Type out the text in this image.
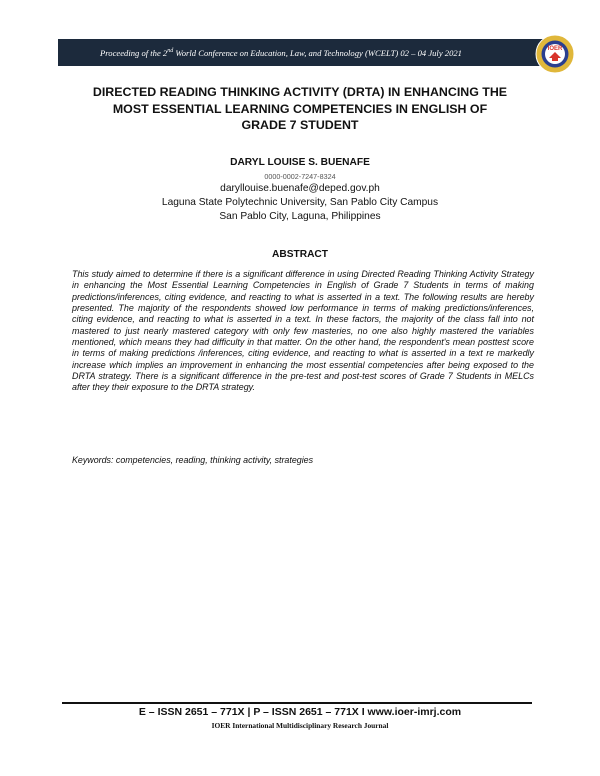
Proceeding of the 2nd World Conference on Education, Law, and Technology (WCELT) 02 – 04 July 2021	IOER
DIRECTED READING THINKING ACTIVITY (DRTA) IN ENHANCING THE
MOST ESSENTIAL LEARNING COMPETENCIES IN ENGLISH OF
GRADE 7 STUDENT
DARYL LOUISE S. BUENAFE
0000-0002-7247-8324
daryllouise.buenafe@deped.gov.ph
Laguna State Polytechnic University, San Pablo City Campus
San Pablo City, Laguna, Philippines
ABSTRACT

This study aimed to determine if there is a significant difference in using Directed Reading Thinking Activity Strategy in enhancing the Most Essential Learning Competencies in English of Grade 7 Students in terms of making predictions/inferences, citing evidence, and reacting to what is asserted in a text. The following results are hereby presented. The majority of the respondents showed low performance in terms of making predictions/inferences, citing evidence, and reacting to what is asserted in a text. In these factors, the majority of the class fall into not mastered to just nearly mastered category with only few masteries, no one also highly mastered the variables mentioned, which means they had difficulty in that matter. On the other hand, the respondent's mean posttest score in terms of making predictions /inferences, citing evidence, and reacting to what is asserted in a text re markedly increase which implies an improvement in enhancing the most essential competencies after being exposed to the DRTA strategy. There is a significant difference in the pre-test and post-test scores of Grade 7 Students in MELCs after they their exposure to the DRTA strategy.

Keywords: competencies, reading, thinking activity, strategies
E – ISSN 2651 – 771X | P – ISSN 2651 – 771X I www.ioer-imrj.com
IOER International Multidisciplinary Research Journal
